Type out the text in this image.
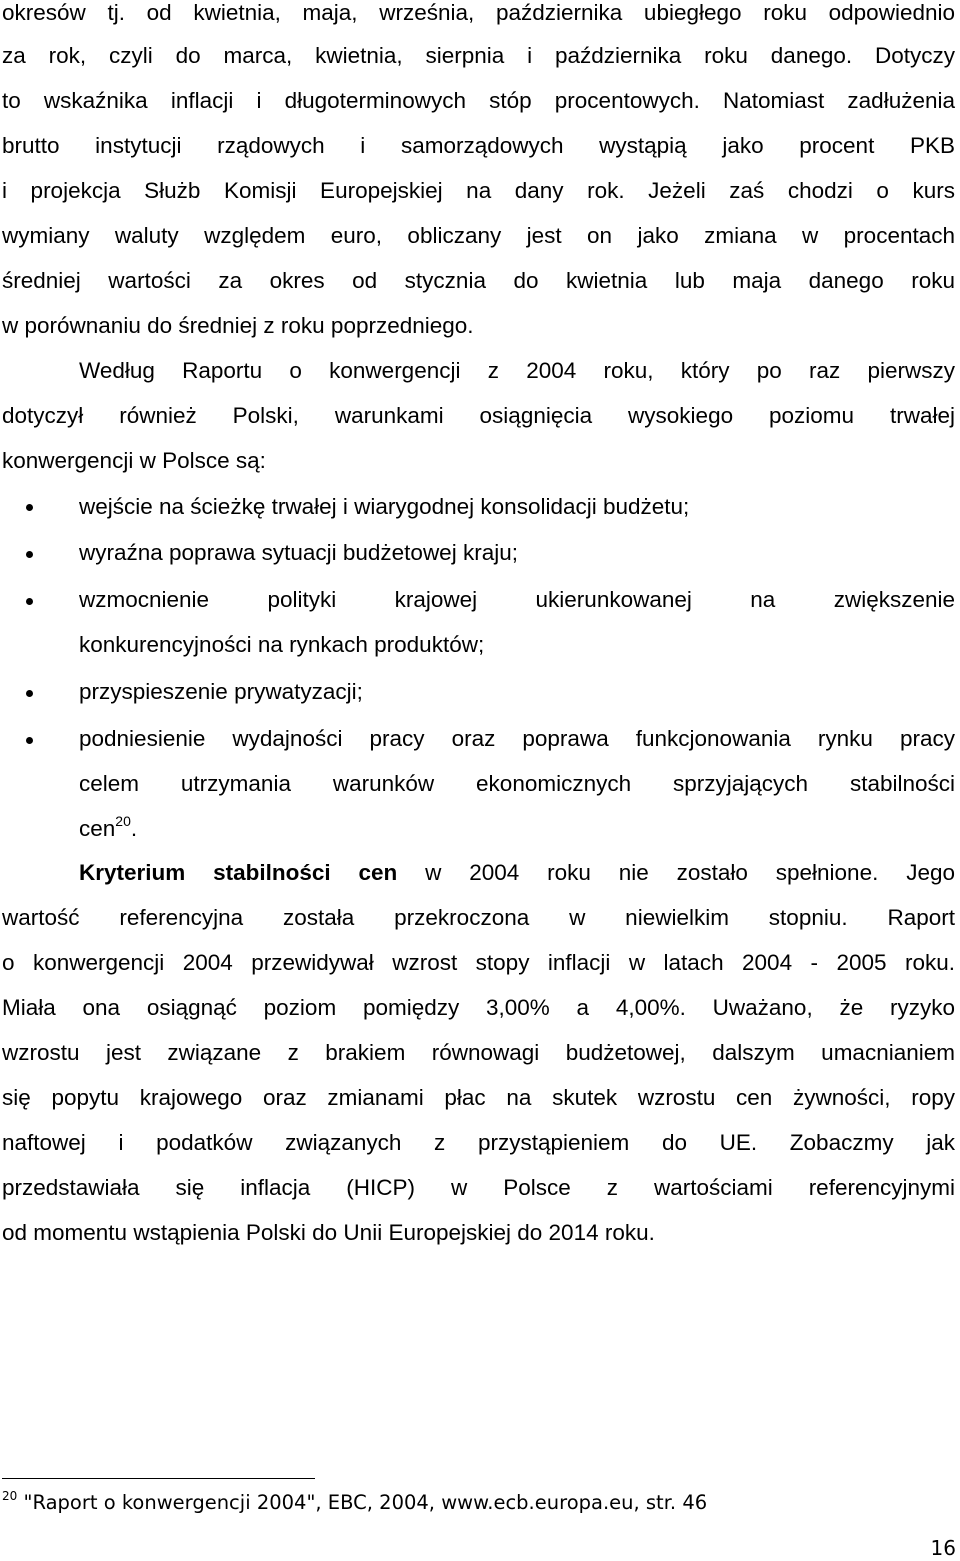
okresów tj. od kwietnia, maja, września, października ubiegłego roku odpowiednio
za rok, czyli do marca, kwietnia, sierpnia i października roku danego. Dotyczy
to wskaźnika inflacji i długoterminowych stóp procentowych. Natomiast zadłużenia
brutto instytucji rządowych i samorządowych wystąpią jako procent PKB
i projekcja Służb Komisji Europejskiej na dany rok. Jeżeli zaś chodzi o kurs
wymiany waluty względem euro, obliczany jest on jako zmiana w procentach
średniej wartości za okres od stycznia do kwietnia lub maja danego roku
w porównaniu do średniej z roku poprzedniego.
Według Raportu o konwergencji z 2004 roku, który po raz pierwszy
dotyczył również Polski, warunkami osiągnięcia wysokiego poziomu trwałej
konwergencji w Polsce są:
wejście na ścieżkę trwałej i wiarygodnej konsolidacji budżetu;
wyraźna poprawa sytuacji budżetowej kraju;
wzmocnienie polityki krajowej ukierunkowanej na zwiększenie
konkurencyjności na rynkach produktów;
przyspieszenie prywatyzacji;
podniesienie wydajności pracy oraz poprawa funkcjonowania rynku pracy
celem utrzymania warunków ekonomicznych sprzyjających stabilności
cen$^{20}$.
Kryterium stabilności cen w 2004 roku nie zostało spełnione. Jego
wartość referencyjna została przekroczona w niewielkim stopniu. Raport
o konwergencji 2004 przewidywał wzrost stopy inflacji w latach 2004 - 2005 roku.
Miała ona osiągnąć poziom pomiędzy 3,00% a 4,00%. Uważano, że ryzyko
wzrostu jest związane z brakiem równowagi budżetowej, dalszym umacnianiem
się popytu krajowego oraz zmianami płac na skutek wzrostu cen żywności, ropy
naftowej i podatków związanych z przystąpieniem do UE. Zobaczmy jak
przedstawiała się inflacja (HICP) w Polsce z wartościami referencyjnymi
od momentu wstąpienia Polski do Unii Europejskiej do 2014 roku.
$^{20}$ "Raport o konwergencji 2004", EBC, 2004, www.ecb.europa.eu, str. 46
16
